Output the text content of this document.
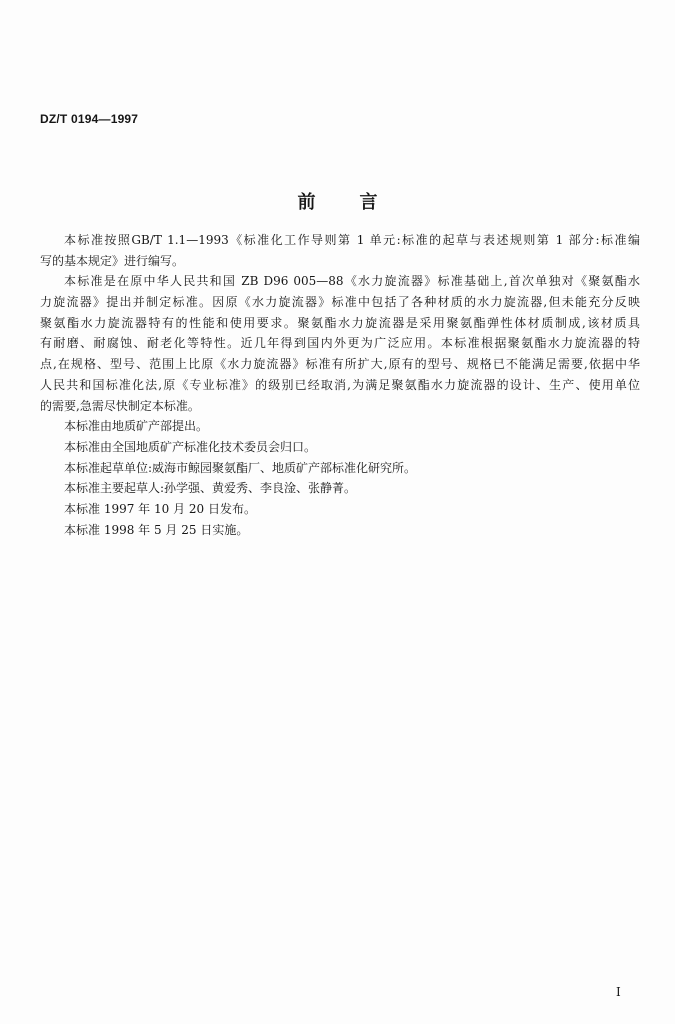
DZ/T 0194—1997
前言
本标准按照GB/T 1.1—1993《标准化工作导则第 1 单元:标准的起草与表述规则第 1 部分:标准编
写的基本规定》进行编写。
本标准是在原中华人民共和国 ZB D96 005—88《水力旋流器》标准基础上,首次单独对《聚氨酯水
力旋流器》提出并制定标准。因原《水力旋流器》标准中包括了各种材质的水力旋流器,但未能充分反映
聚氨酯水力旋流器特有的性能和使用要求。聚氨酯水力旋流器是采用聚氨酯弹性体材质制成,该材质具
有耐磨、耐腐蚀、耐老化等特性。近几年得到国内外更为广泛应用。本标准根据聚氨酯水力旋流器的特
点,在规格、型号、范围上比原《水力旋流器》标准有所扩大,原有的型号、规格已不能满足需要,依据中华
人民共和国标准化法,原《专业标准》的级别已经取消,为满足聚氨酯水力旋流器的设计、生产、使用单位
的需要,急需尽快制定本标准。
本标准由地质矿产部提出。
本标准由全国地质矿产标准化技术委员会归口。
本标准起草单位:威海市鲸园聚氨酯厂、地质矿产部标准化研究所。
本标准主要起草人:孙学强、黄爱秀、李良淦、张静菁。
本标准 1997 年 10 月 20 日发布。
本标准 1998 年 5 月 25 日实施。
I
